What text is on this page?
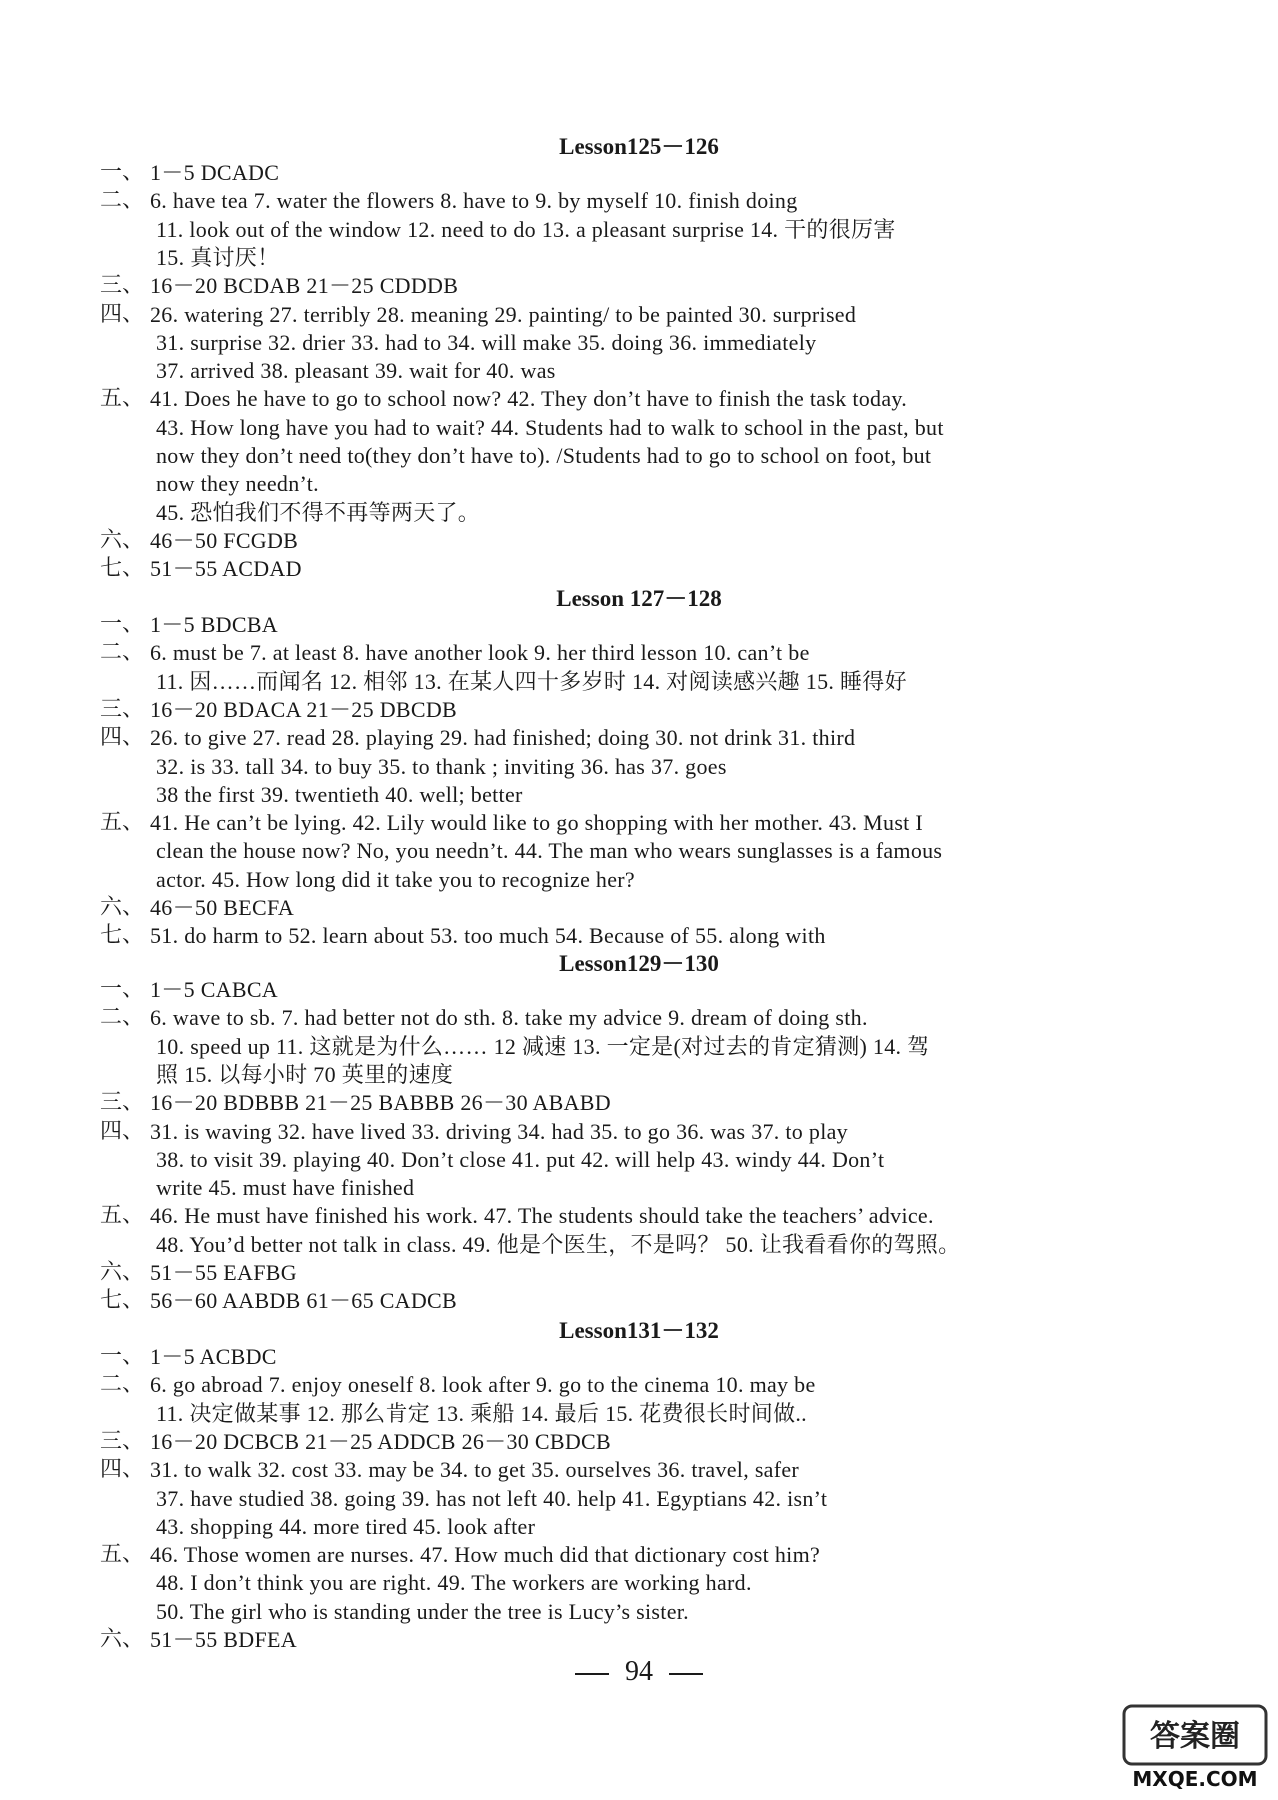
Lesson125－126
一、 1－5 DCADC
二、 6. have tea 7. water the flowers 8. have to 9. by myself 10. finish doing
11. look out of the window 12. need to do 13. a pleasant surprise 14. 干的很厉害
15. 真讨厌！
三、 16－20 BCDAB 21－25 CDDDB
四、 26. watering 27. terribly 28. meaning 29. painting/ to be painted 30. surprised
31. surprise 32. drier 33. had to 34. will make 35. doing 36. immediately
37. arrived 38. pleasant 39. wait for 40. was
五、 41. Does he have to go to school now? 42. They don’t have to finish the task today.
43. How long have you had to wait? 44. Students had to walk to school in the past, but
now they don’t need to(they don’t have to). /Students had to go to school on foot, but
now they needn’t.
45. 恐怕我们不得不再等两天了。
六、 46－50 FCGDB
七、 51－55 ACDAD
Lesson 127－128
一、 1－5 BDCBA
二、 6. must be 7. at least 8. have another look 9. her third lesson 10. can’t be
11. 因……而闻名 12. 相邻 13. 在某人四十多岁时 14. 对阅读感兴趣 15. 睡得好
三、 16－20 BDACA 21－25 DBCDB
四、 26. to give 27. read 28. playing 29. had finished; doing 30. not drink 31. third
32. is 33. tall 34. to buy 35. to thank ; inviting 36. has 37. goes
38 the first 39. twentieth 40. well; better
五、 41. He can’t be lying. 42. Lily would like to go shopping with her mother. 43. Must I
clean the house now? No, you needn’t. 44. The man who wears sunglasses is a famous
actor. 45. How long did it take you to recognize her?
六、 46－50 BECFA
七、 51. do harm to 52. learn about 53. too much 54. Because of 55. along with
Lesson129－130
一、 1－5 CABCA
二、 6. wave to sb. 7. had better not do sth. 8. take my advice 9. dream of doing sth.
10. speed up 11. 这就是为什么…… 12 减速 13. 一定是(对过去的肯定猜测) 14. 驾
照 15. 以每小时 70 英里的速度
三、 16－20 BDBBB 21－25 BABBB 26－30 ABABD
四、 31. is waving 32. have lived 33. driving 34. had 35. to go 36. was 37. to play
38. to visit 39. playing 40. Don’t close 41. put 42. will help 43. windy 44. Don’t
write 45. must have finished
五、 46. He must have finished his work. 47. The students should take the teachers’ advice.
48. You’d better not talk in class. 49. 他是个医生，不是吗？ 50. 让我看看你的驾照。
六、 51－55 EAFBG
七、 56－60 AABDB 61－65 CADCB
Lesson131－132
一、 1－5 ACBDC
二、 6. go abroad 7. enjoy oneself 8. look after 9. go to the cinema 10. may be
11. 决定做某事 12. 那么肯定 13. 乘船 14. 最后 15. 花费很长时间做..
三、 16－20 DCBCB 21－25 ADDCB 26－30 CBDCB
四、 31. to walk 32. cost 33. may be 34. to get 35. ourselves 36. travel, safer
37. have studied 38. going 39. has not left 40. help 41. Egyptians 42. isn’t
43. shopping 44. more tired 45. look after
五、 46. Those women are nurses. 47. How much did that dictionary cost him?
48. I don’t think you are right. 49. The workers are working hard.
50. The girl who is standing under the tree is Lucy’s sister.
六、 51－55 BDFEA
94
答案圈
MXQE.COM
